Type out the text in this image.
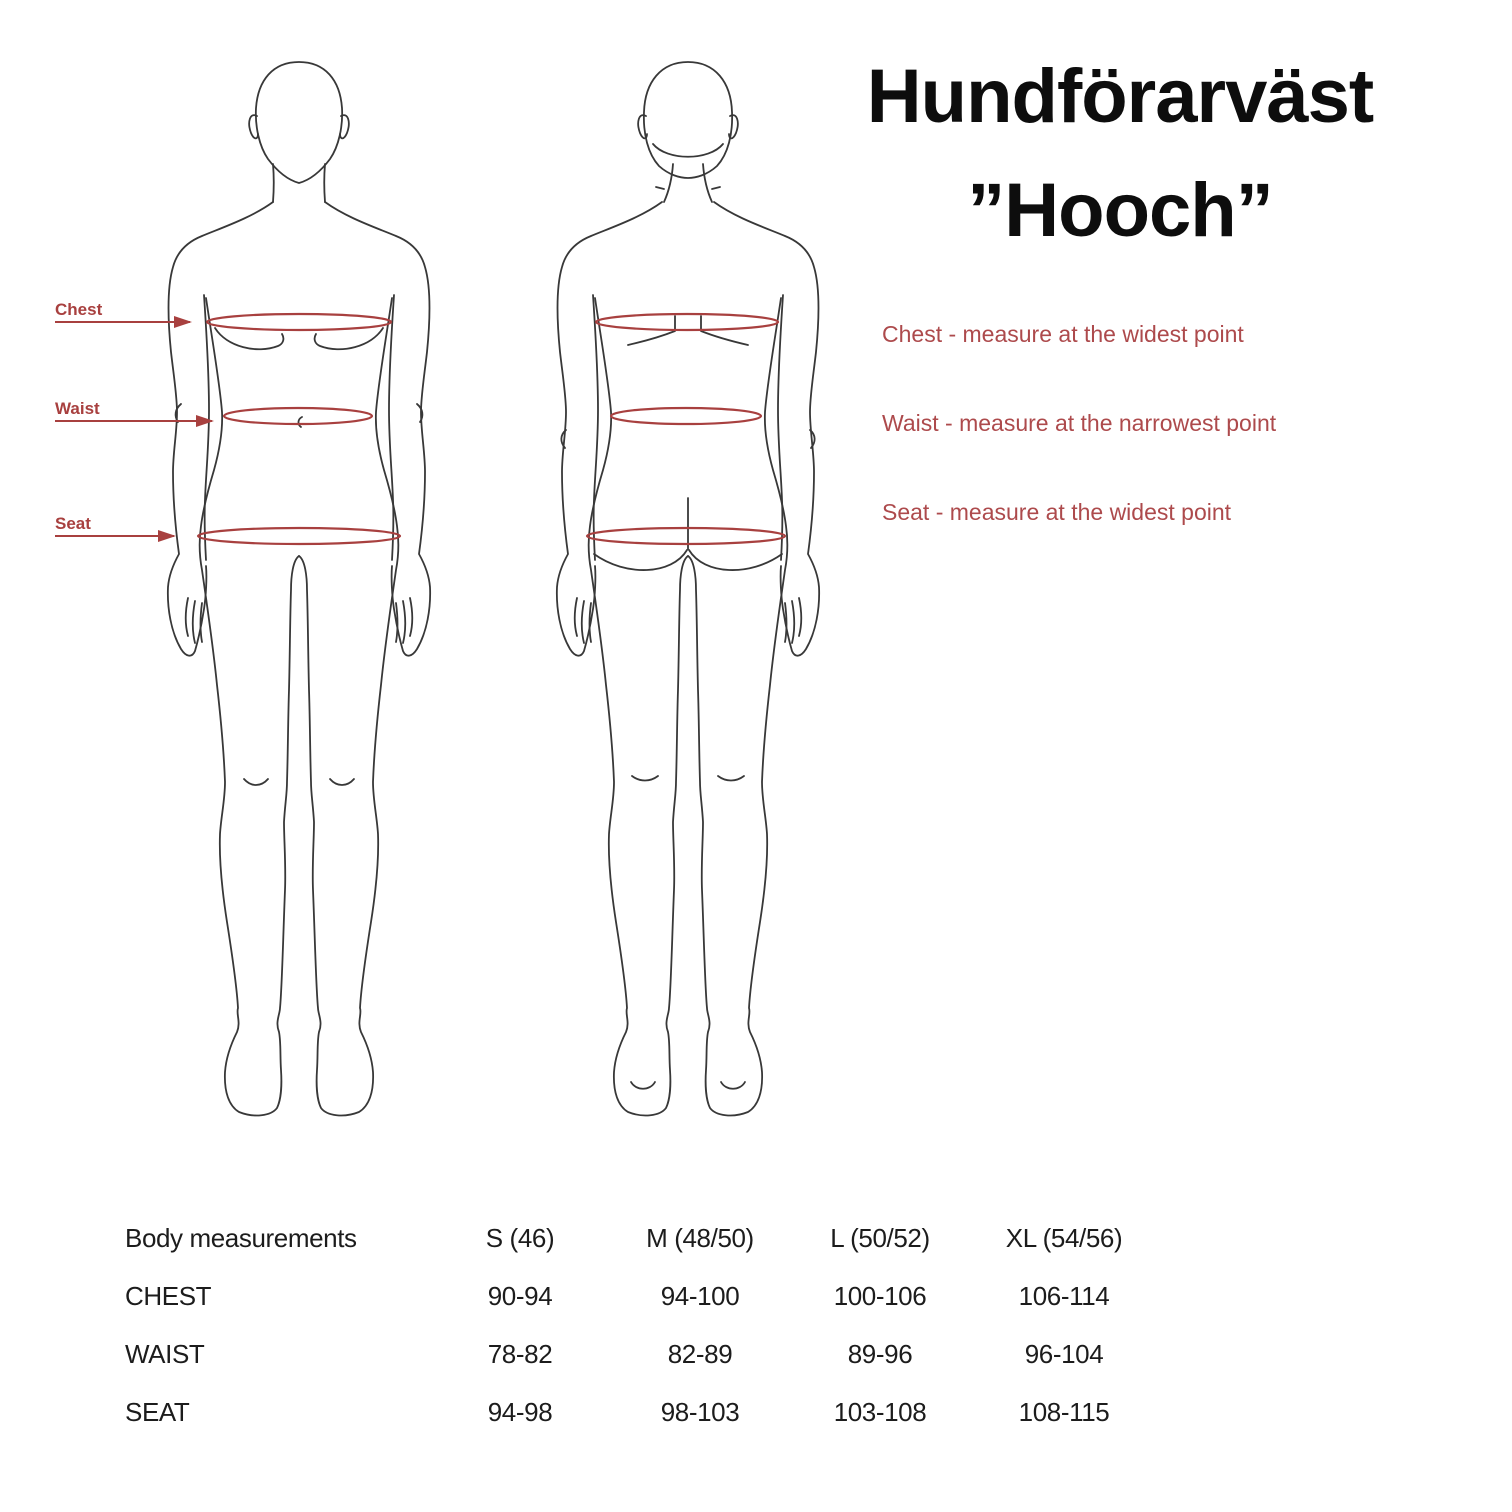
Chest
Waist
Seat
Hundförarväst
”Hooch”
Chest - measure at the widest point
Waist - measure at the narrowest point
Seat - measure at the widest point
Body measurements	S (46)	M (48/50)	L (50/52)	XL (54/56)
CHEST	90-94	94-100	100-106	106-114
WAIST	78-82	82-89	89-96	96-104
SEAT	94-98	98-103	103-108	108-115
